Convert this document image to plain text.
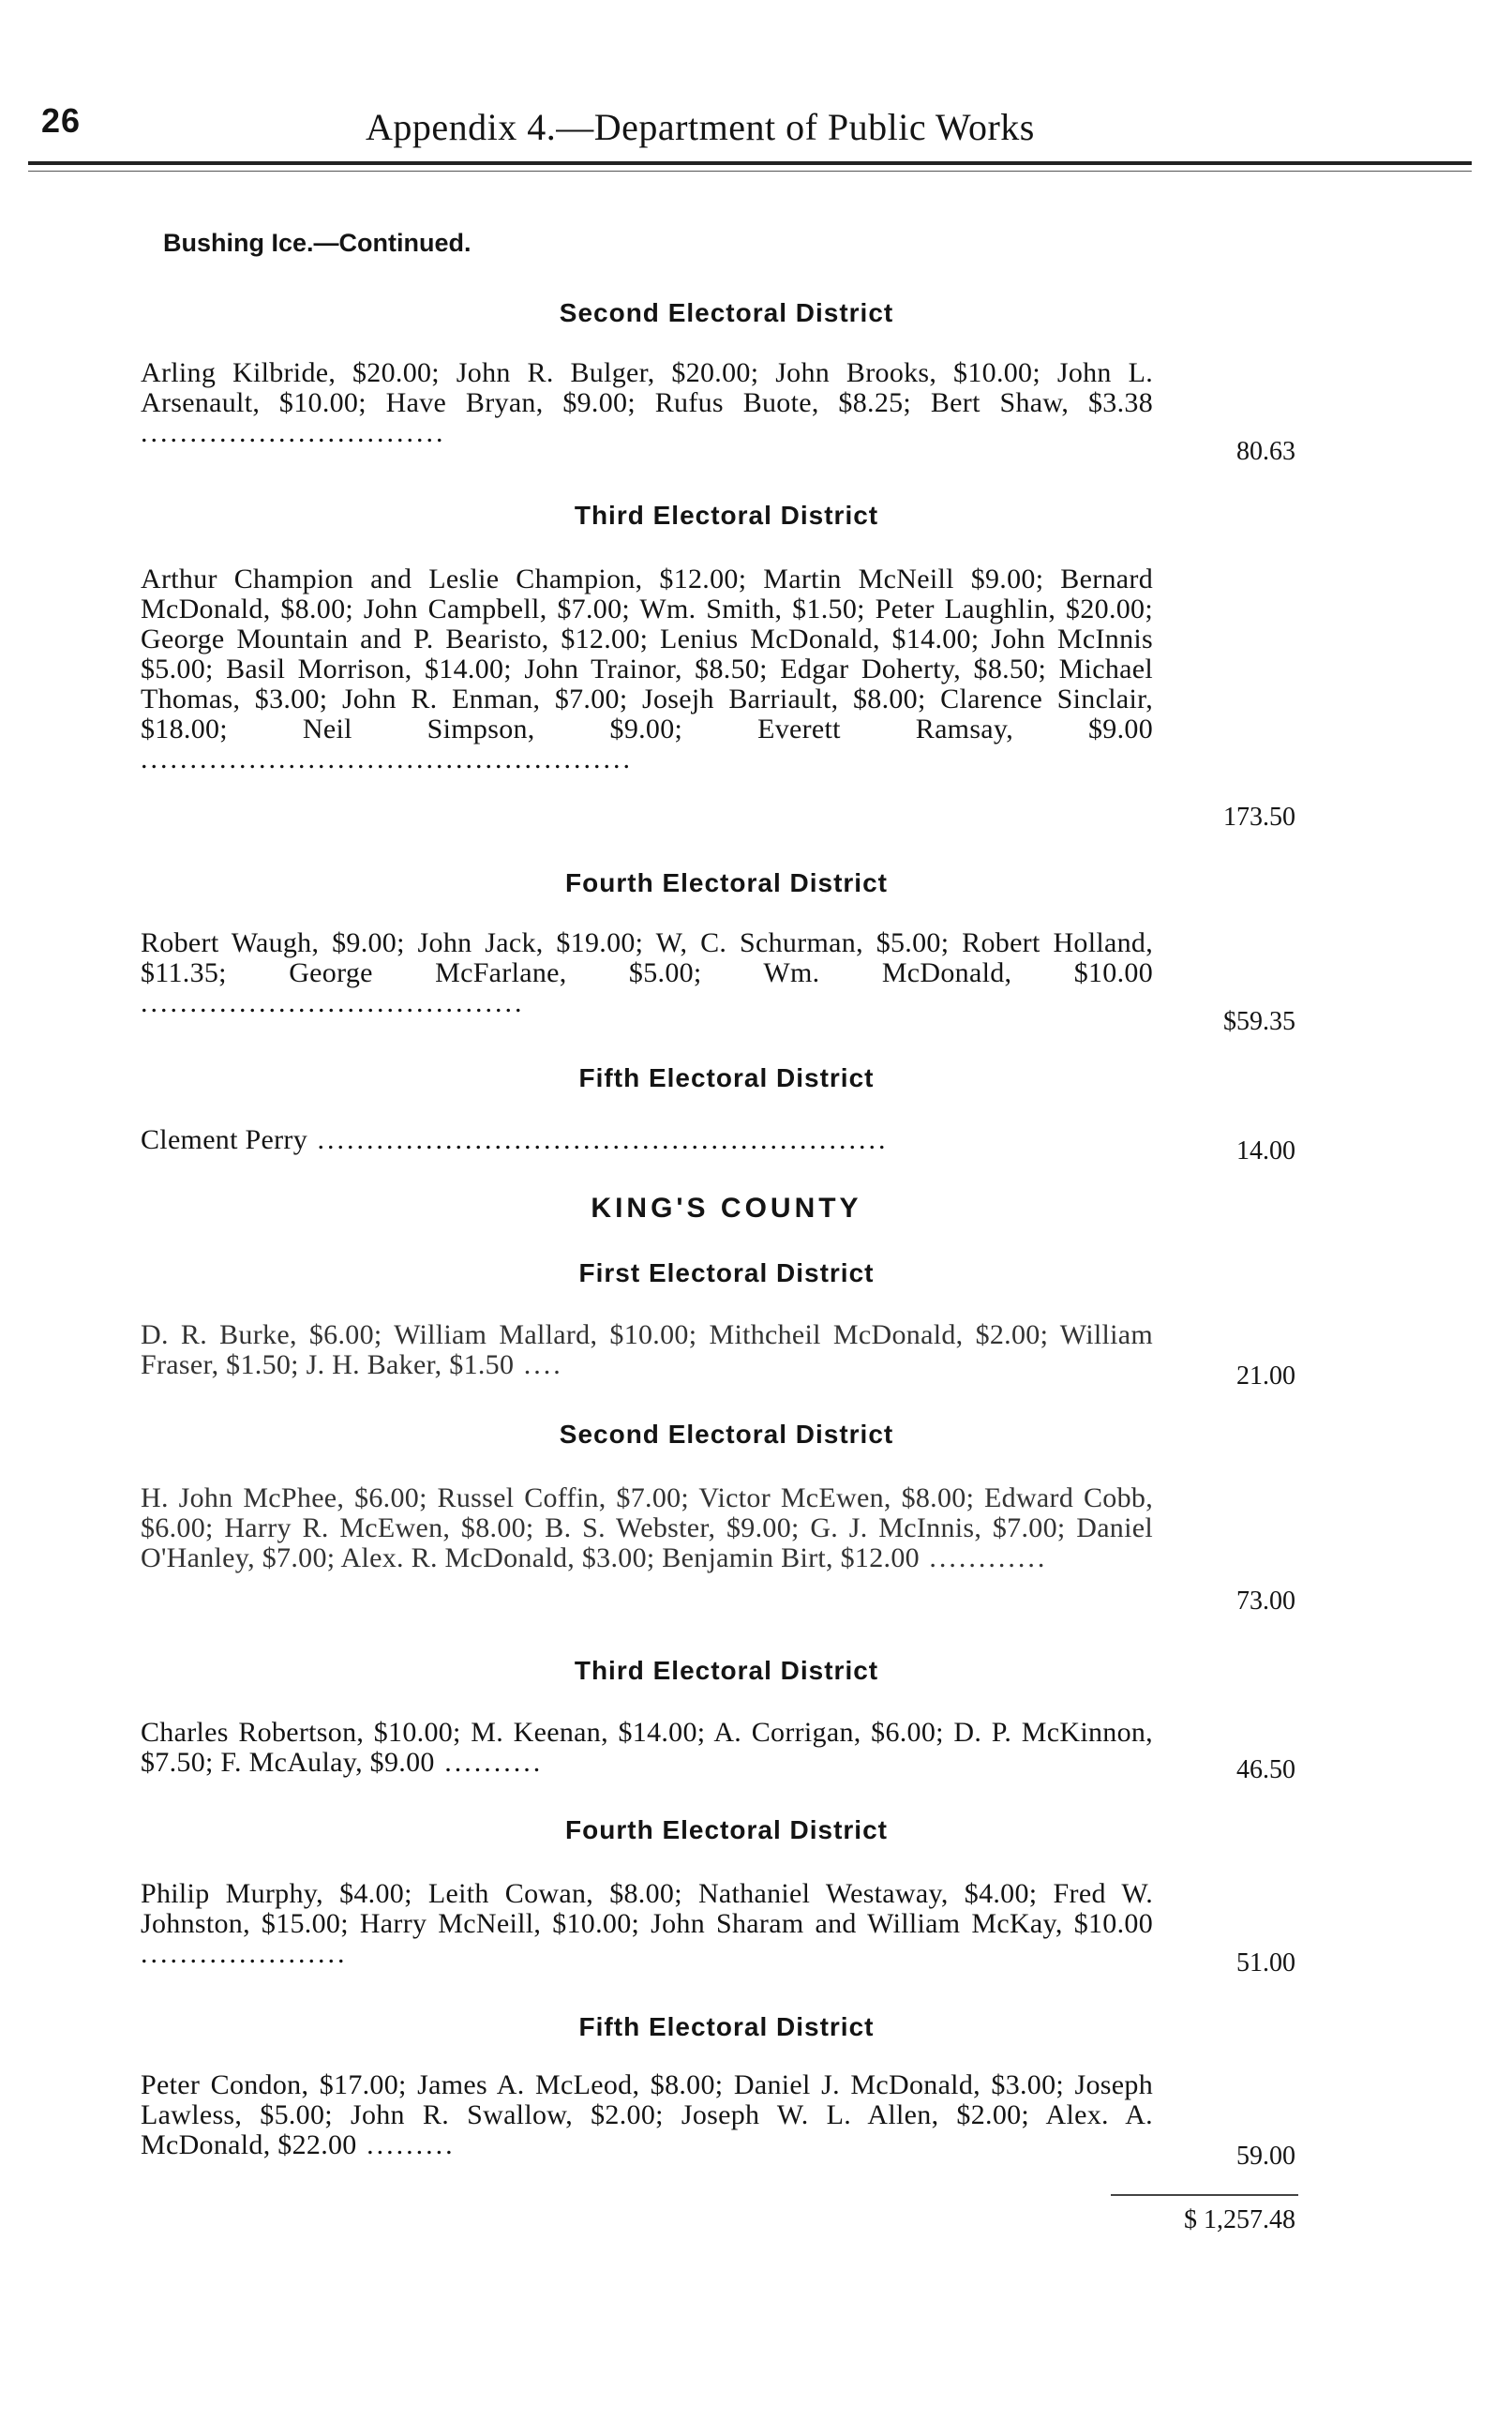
26	Appendix 4.—Department of Public Works
Bushing Ice.—Continued.
Second Electoral District
Arling Kilbride, $20.00; John R. Bulger, $20.00; John Brooks, $10.00; John L. Arsenault, $10.00; Have Bryan, $9.00; Rufus Buote, $8.25; Bert Shaw, $3.38 ...............................
80.63
Third Electoral District
Arthur Champion and Leslie Champion, $12.00; Martin McNeill $9.00; Bernard McDonald, $8.00; John Campbell, $7.00; Wm. Smith, $1.50; Peter Laughlin, $20.00; George Mountain and P. Bearisto, $12.00; Lenius McDonald, $14.00; John McInnis $5.00; Basil Morrison, $14.00; John Trainor, $8.50; Edgar Doherty, $8.50; Michael Thomas, $3.00; John R. Enman, $7.00; Josejh Barriault, $8.00; Clarence Sinclair, $18.00; Neil Simpson, $9.00; Everett Ramsay, $9.00 ..................................................
173.50
Fourth Electoral District
Robert Waugh, $9.00; John Jack, $19.00; W, C. Schurman, $5.00; Robert Holland, $11.35; George McFarlane, $5.00; Wm. McDonald, $10.00 .......................................
$59.35
Fifth Electoral District
Clement Perry ..........................................................	14.00
KING'S COUNTY
First Electoral District
D. R. Burke, $6.00; William Mallard, $10.00; Mithcheil McDonald, $2.00; William Fraser, $1.50; J. H. Baker, $1.50 ....	21.00
Second Electoral District
H. John McPhee, $6.00; Russel Coffin, $7.00; Victor McEwen, $8.00; Edward Cobb, $6.00; Harry R. McEwen, $8.00; B. S. Webster, $9.00; G. J. McInnis, $7.00; Daniel O'Hanley, $7.00; Alex. R. McDonald, $3.00; Benjamin Birt, $12.00 ............
73.00
Third Electoral District
Charles Robertson, $10.00; M. Keenan, $14.00; A. Corrigan, $6.00; D. P. McKinnon, $7.50; F. McAulay, $9.00 ..........	46.50
Fourth Electoral District
Philip Murphy, $4.00; Leith Cowan, $8.00; Nathaniel Westaway, $4.00; Fred W. Johnston, $15.00; Harry McNeill, $10.00; John Sharam and William McKay, $10.00 .....................	51.00
Fifth Electoral District
Peter Condon, $17.00; James A. McLeod, $8.00; Daniel J. McDonald, $3.00; Joseph Lawless, $5.00; John R. Swallow, $2.00; Joseph W. L. Allen, $2.00; Alex. A. McDonald, $22.00 .........	59.00
$ 1,257.48
